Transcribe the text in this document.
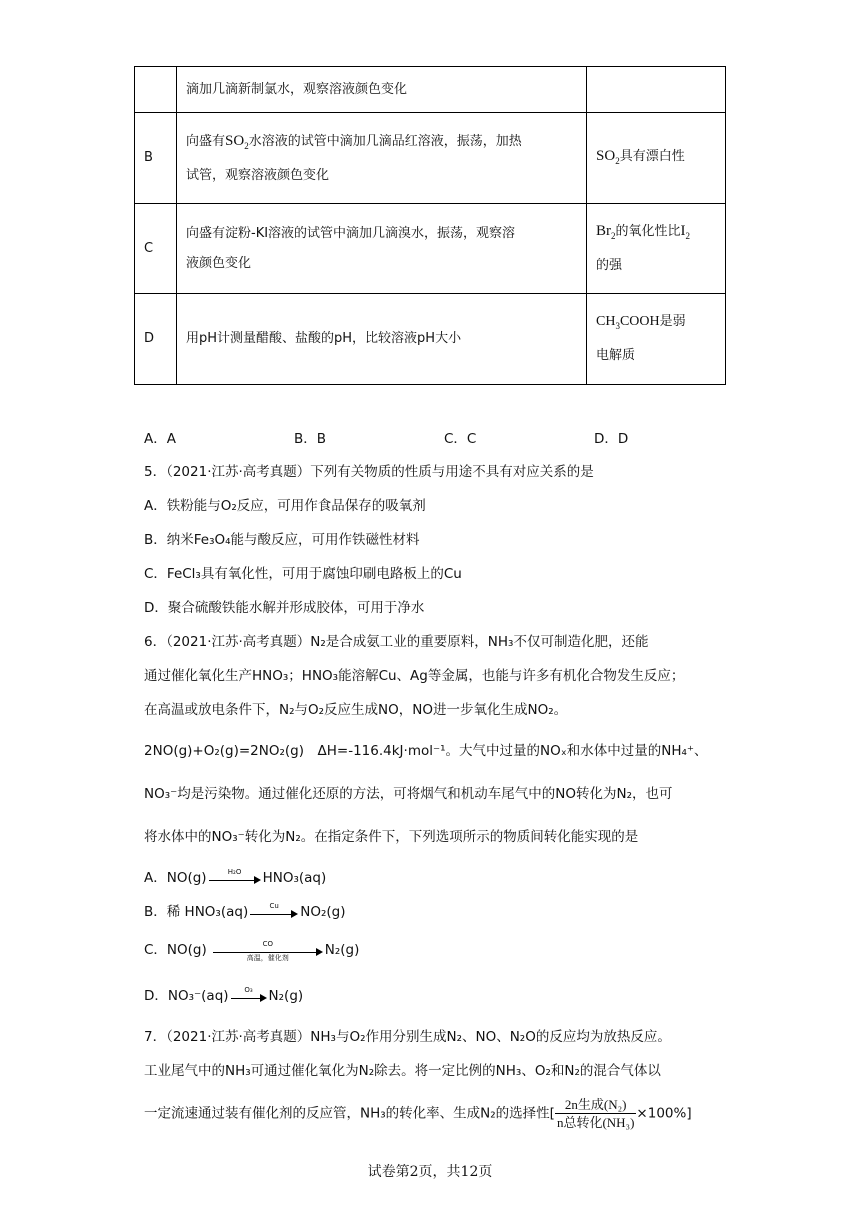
	滴加几滴新制氯水，观察溶液颜色变化	
B	向盛有$SO_2$水溶液的试管中滴加几滴品红溶液，振荡，加热
试管，观察溶液颜色变化	$SO_2$具有漂白性
C	向盛有淀粉-KI溶液的试管中滴加几滴溴水，振荡，观察溶
液颜色变化	$Br_2$的氧化性比$I_2$
的强
D	用pH计测量醋酸、盐酸的pH，比较溶液pH大小	$CH_3COOH$是弱
电解质
A．A	B．B	C．C	D．D
5．（2021·江苏·高考真题）下列有关物质的性质与用途不具有对应关系的是
A．铁粉能与O₂反应，可用作食品保存的吸氧剂
B．纳米Fe₃O₄能与酸反应，可用作铁磁性材料
C．FeCl₃具有氧化性，可用于腐蚀印刷电路板上的Cu
D．聚合硫酸铁能水解并形成胶体，可用于净水
6．（2021·江苏·高考真题）N₂是合成氨工业的重要原料，NH₃不仅可制造化肥，还能
通过催化氧化生产HNO₃；HNO₃能溶解Cu、Ag等金属，也能与许多有机化合物发生反应；
在高温或放电条件下，N₂与O₂反应生成NO，NO进一步氧化生成NO₂。
2NO(g)+O₂(g)=2NO₂(g)　ΔH=-116.4kJ·mol⁻¹。大气中过量的NOₓ和水体中过量的NH₄⁺、
NO₃⁻均是污染物。通过催化还原的方法，可将烟气和机动车尾气中的NO转化为N₂，也可
将水体中的NO₃⁻转化为N₂。在指定条件下，下列选项所示的物质间转化能实现的是
A．NO(g)	H₂O	HNO₃(aq)
B．稀 HNO₃(aq)	Cu	NO₂(g)
C．NO(g)	CO
高温，催化剂	N₂(g)
D．NO₃⁻(aq)	O₃	N₂(g)
7．（2021·江苏·高考真题）NH₃与O₂作用分别生成N₂、NO、N₂O的反应均为放热反应。
工业尾气中的NH₃可通过催化氧化为N₂除去。将一定比例的NH₃、O₂和N₂的混合气体以
一定流速通过装有催化剂的反应管，NH₃的转化率、生成N₂的选择性[ $\frac{\text{2n生成(N₂)}}{\text{n总转化(NH₃)}} \times 100\%$]
试卷第2页，共12页
